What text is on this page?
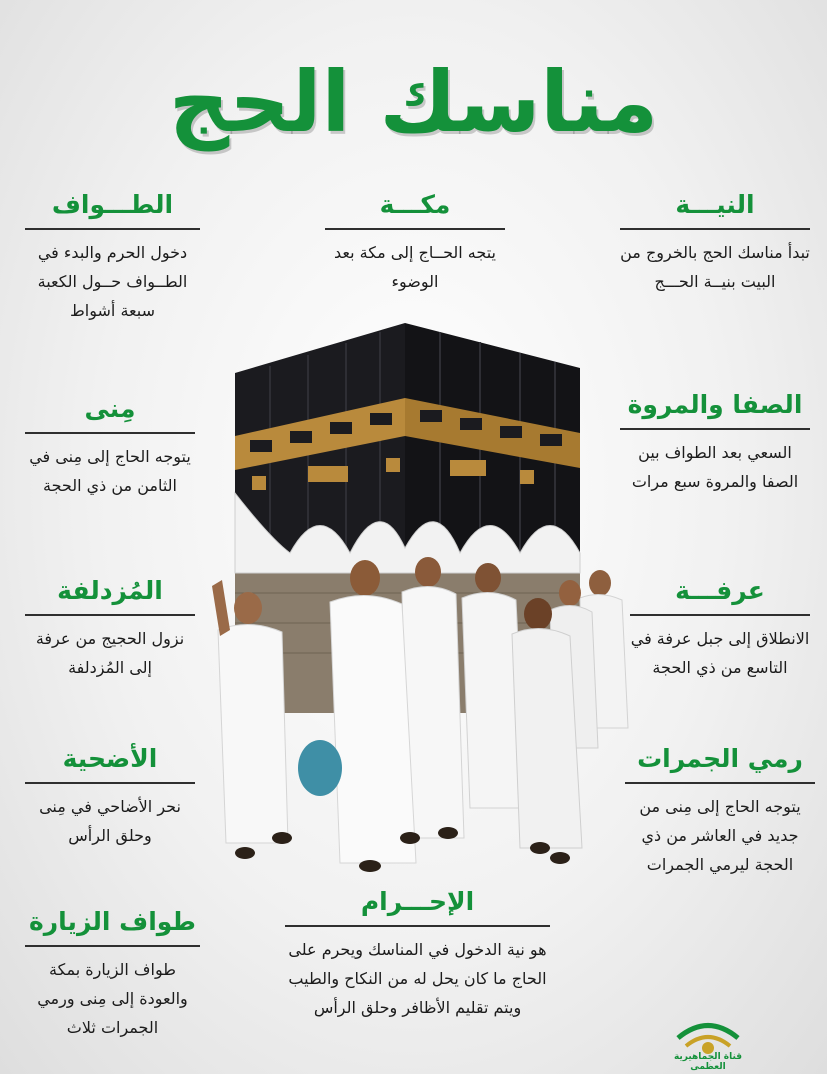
مناسك الحج
النيـــة
تبدأ مناسك الحج بالخروج من البيت بنيــة الحـــج
الصفا والمروة
السعي بعد الطواف بين الصفا والمروة سبع مرات
عرفـــة
الانطلاق إلى جبل عرفة في التاسع من ذي الحجة
رمي الجمرات
يتوجه الحاج إلى مِنى من جديد في العاشر من ذي الحجة ليرمي الجمرات
مكـــة
يتجه الحــاج إلى مكة بعد الوضوء
الإحـــرام
هو نية الدخول في المناسك ويحرم على الحاج ما كان يحل له من النكاح والطيب ويتم تقليم الأظافر وحلق الرأس
الطـــواف
دخول الحرم والبدء في الطــواف حــول الكعبة سبعة أشواط
مِنى
يتوجه الحاج إلى مِنى في الثامن من ذي الحجة
المُزدلفة
نزول الحجيج من عرفة إلى المُزدلفة
الأضحية
نحر الأضاحي في مِنى وحلق الرأس
طواف الزيارة
طواف الزيارة بمكة والعودة إلى مِنى ورمي الجمرات ثلاث
قناة الجماهيرية العظمى
